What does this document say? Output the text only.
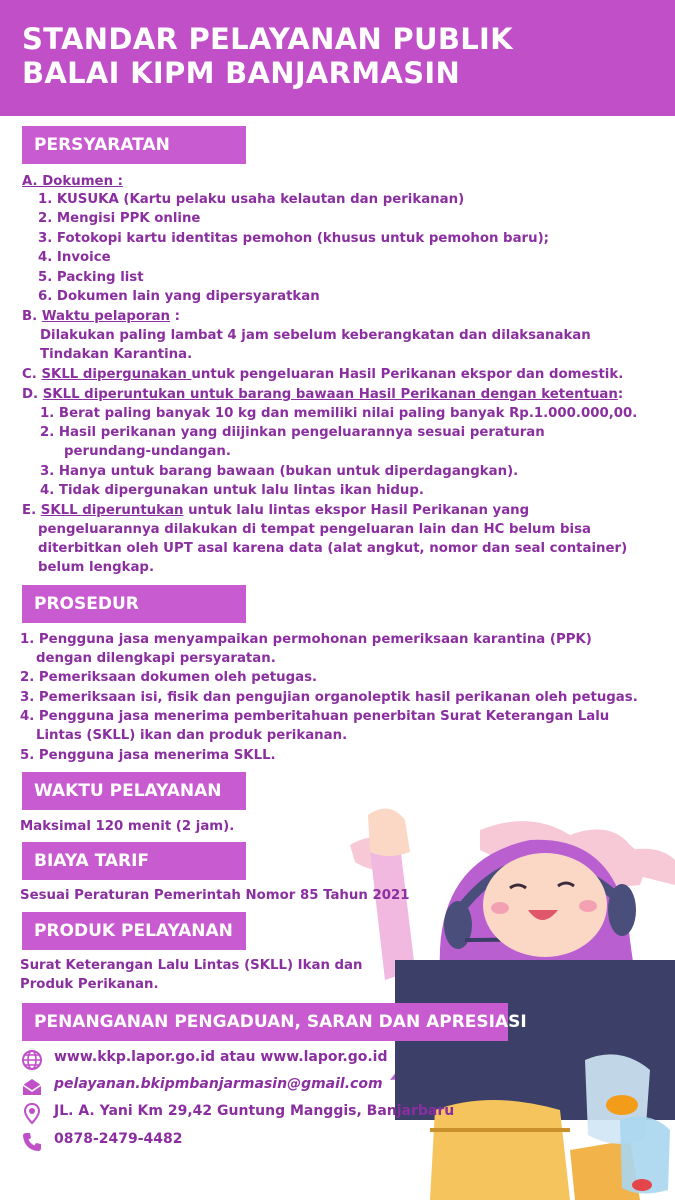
STANDAR PELAYANAN PUBLIK
BALAI KIPM BANJARMASIN
PERSYARATAN
A. Dokumen :
1. KUSUKA (Kartu pelaku usaha kelautan dan perikanan)
2. Mengisi PPK online
3. Fotokopi kartu identitas pemohon (khusus untuk pemohon baru);
4. Invoice
5. Packing list
6. Dokumen lain yang dipersyaratkan
B. Waktu pelaporan :
Dilakukan paling lambat 4 jam sebelum keberangkatan dan dilaksanakan
Tindakan Karantina.
C. SKLL dipergunakan untuk pengeluaran Hasil Perikanan ekspor dan domestik.
D. SKLL diperuntukan untuk barang bawaan Hasil Perikanan dengan ketentuan:
1. Berat paling banyak 10 kg dan memiliki nilai paling banyak Rp.1.000.000,00.
2. Hasil perikanan yang diijinkan pengeluarannya sesuai peraturan
perundang-undangan.
3. Hanya untuk barang bawaan (bukan untuk diperdagangkan).
4. Tidak dipergunakan untuk lalu lintas ikan hidup.
E. SKLL diperuntukan untuk lalu lintas ekspor Hasil Perikanan yang
pengeluarannya dilakukan di tempat pengeluaran lain dan HC belum bisa
diterbitkan oleh UPT asal karena data (alat angkut, nomor dan seal container)
belum lengkap.
PROSEDUR
1. Pengguna jasa menyampaikan permohonan pemeriksaan karantina (PPK)
dengan dilengkapi persyaratan.
2. Pemeriksaan dokumen oleh petugas.
3. Pemeriksaan isi, fisik dan pengujian organoleptik hasil perikanan oleh petugas.
4. Pengguna jasa menerima pemberitahuan penerbitan Surat Keterangan Lalu
Lintas (SKLL) ikan dan produk perikanan.
5. Pengguna jasa menerima SKLL.
WAKTU PELAYANAN
Maksimal 120 menit (2 jam).
BIAYA TARIF
Sesuai Peraturan Pemerintah Nomor 85 Tahun 2021
PRODUK PELAYANAN
Surat Keterangan Lalu Lintas (SKLL) Ikan dan
Produk Perikanan.
PENANGANAN PENGADUAN, SARAN DAN APRESIASI
www.kkp.lapor.go.id atau www.lapor.go.id
pelayanan.bkipmbanjarmasin@gmail.com
JL. A. Yani Km 29,42 Guntung Manggis, Banjarbaru
0878-2479-4482
